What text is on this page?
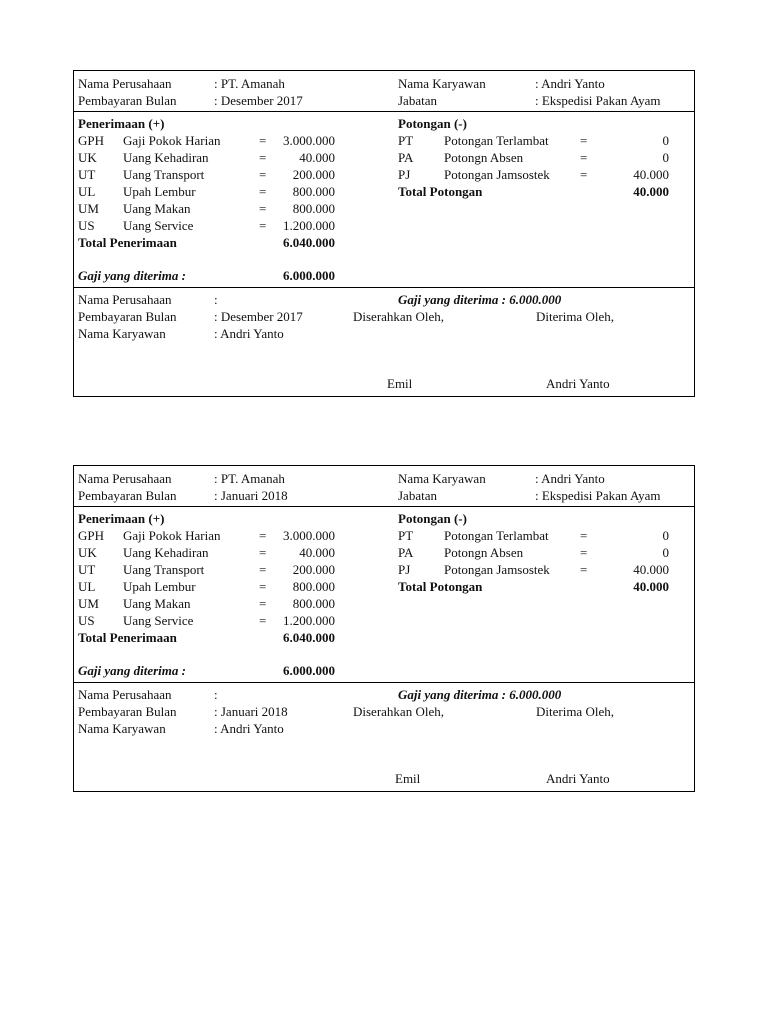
Nama Perusahaan	: PT. Amanah
Pembayaran Bulan	: Desember 2017
Nama Karyawan	: Andri Yanto
Jabatan	: Ekspedisi Pakan Ayam
Penerimaan (+)
GPH Gaji Pokok Harian	=	3.000.000
UK Uang Kehadiran	=	40.000
UT Uang Transport	=	200.000
UL Upah Lembur	=	800.000
UM Uang Makan	=	800.000
US Uang Service	=	1.200.000
Total Penerimaan	6.040.000
Gaji yang diterima :	6.000.000
Potongan (-)
PT Potongan Terlambat =	0
PA Potongn Absen	=	0
PJ	Potongan Jamsostek =	40.000
Total Potongan	40.000
Nama Perusahaan	:
Pembayaran Bulan	: Desember 2017
Nama Karyawan	: Andri Yanto
Gaji yang diterima : 6.000.000
Diserahkan Oleh,	Diterima Oleh,
Emil	Andri Yanto
Nama Perusahaan	: PT. Amanah
Pembayaran Bulan	: Januari 2018
Nama Karyawan	: Andri Yanto
Jabatan	: Ekspedisi Pakan Ayam
Penerimaan (+)
GPH Gaji Pokok Harian	=	3.000.000
UK Uang Kehadiran	=	40.000
UT Uang Transport	=	200.000
UL Upah Lembur	=	800.000
UM Uang Makan	=	800.000
US Uang Service	=	1.200.000
Total Penerimaan	6.040.000
Gaji yang diterima :	6.000.000
Potongan (-)
PT Potongan Terlambat =	0
PA Potongn Absen	=	0
PJ	Potongan Jamsostek =	40.000
Total Potongan	40.000
Nama Perusahaan	:
Pembayaran Bulan	: Januari 2018
Nama Karyawan	: Andri Yanto
Gaji yang diterima : 6.000.000
Diserahkan Oleh,	Diterima Oleh,
Emil	Andri Yanto
